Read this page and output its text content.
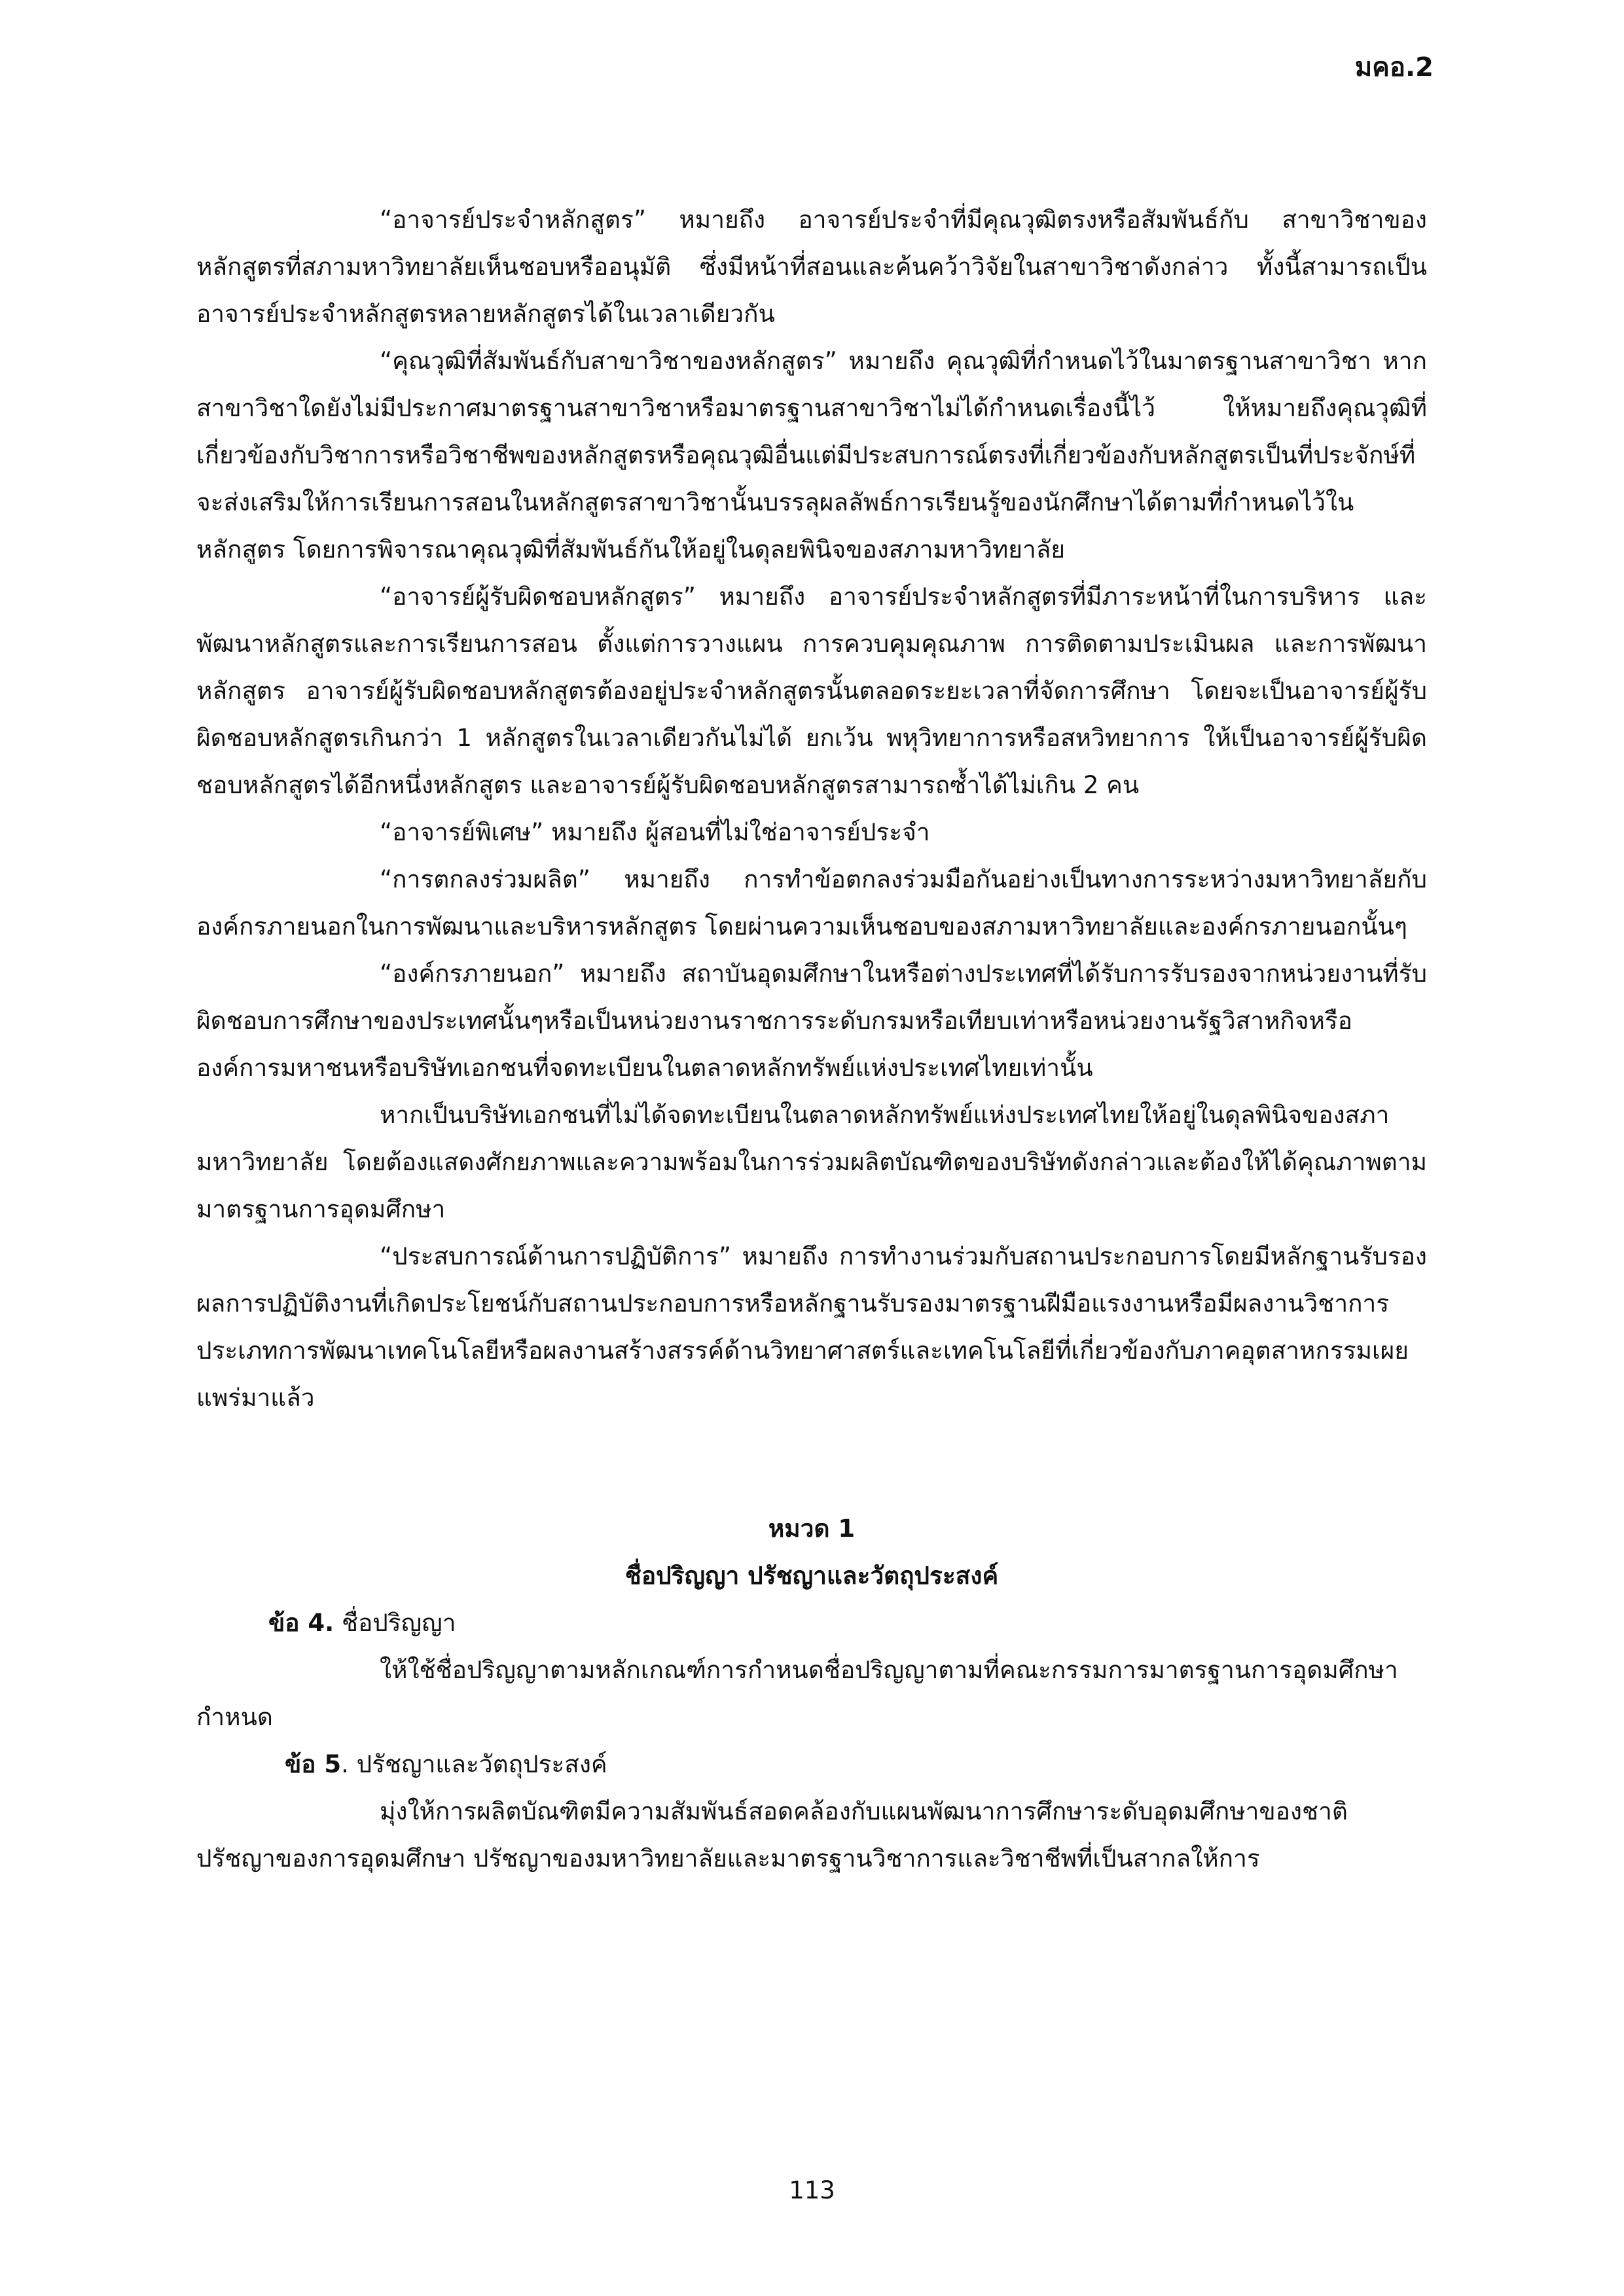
มคอ.2

“อาจารย์ประจำหลักสูตร” หมายถึง อาจารย์ประจำที่มีคุณวุฒิตรงหรือสัมพันธ์กับ สาขาวิชาของหลักสูตรที่สภามหาวิทยาลัยเห็นชอบหรืออนุมัติ ซึ่งมีหน้าที่สอนและค้นคว้าวิจัยในสาขาวิชาดังกล่าว ทั้งนี้สามารถเป็นอาจารย์ประจำหลักสูตรหลายหลักสูตรได้ในเวลาเดียวกัน

“คุณวุฒิที่สัมพันธ์กับสาขาวิชาของหลักสูตร” หมายถึง คุณวุฒิที่กำหนดไว้ในมาตรฐานสาขาวิชา หากสาขาวิชาใดยังไม่มีประกาศมาตรฐานสาขาวิชาหรือมาตรฐานสาขาวิชาไม่ได้กำหนดเรื่องนี้ไว้ ให้หมายถึงคุณวุฒิที่เกี่ยวข้องกับวิชาการหรือวิชาชีพของหลักสูตรหรือคุณวุฒิอื่นแต่มีประสบการณ์ตรงที่เกี่ยวข้องกับหลักสูตรเป็นที่ประจักษ์ที่จะส่งเสริมให้การเรียนการสอนในหลักสูตรสาขาวิชานั้นบรรลุผลลัพธ์การเรียนรู้ของนักศึกษาได้ตามที่กำหนดไว้ในหลักสูตร โดยการพิจารณาคุณวุฒิที่สัมพันธ์กันให้อยู่ในดุลยพินิจของสภามหาวิทยาลัย

“อาจารย์ผู้รับผิดชอบหลักสูตร” หมายถึง อาจารย์ประจำหลักสูตรที่มีภาระหน้าที่ในการบริหาร และพัฒนาหลักสูตรและการเรียนการสอน ตั้งแต่การวางแผน การควบคุมคุณภาพ การติดตามประเมินผล และการพัฒนาหลักสูตร อาจารย์ผู้รับผิดชอบหลักสูตรต้องอยู่ประจำหลักสูตรนั้นตลอดระยะเวลาที่จัดการศึกษา โดยจะเป็นอาจารย์ผู้รับผิดชอบหลักสูตรเกินกว่า 1 หลักสูตรในเวลาเดียวกันไม่ได้ ยกเว้น พหุวิทยาการหรือสหวิทยาการ ให้เป็นอาจารย์ผู้รับผิดชอบหลักสูตรได้อีกหนึ่งหลักสูตร และอาจารย์ผู้รับผิดชอบหลักสูตรสามารถซ้ำได้ไม่เกิน 2 คน

“อาจารย์พิเศษ” หมายถึง ผู้สอนที่ไม่ใช่อาจารย์ประจำ

“การตกลงร่วมผลิต” หมายถึง การทำข้อตกลงร่วมมือกันอย่างเป็นทางการระหว่างมหาวิทยาลัยกับองค์กรภายนอกในการพัฒนาและบริหารหลักสูตร โดยผ่านความเห็นชอบของสภามหาวิทยาลัยและองค์กรภายนอกนั้นๆ

“องค์กรภายนอก” หมายถึง สถาบันอุดมศึกษาในหรือต่างประเทศที่ได้รับการรับรองจากหน่วยงานที่รับผิดชอบการศึกษาของประเทศนั้นๆหรือเป็นหน่วยงานราชการระดับกรมหรือเทียบเท่าหรือหน่วยงานรัฐวิสาหกิจหรือองค์การมหาชนหรือบริษัทเอกชนที่จดทะเบียนในตลาดหลักทรัพย์แห่งประเทศไทยเท่านั้น

หากเป็นบริษัทเอกชนที่ไม่ได้จดทะเบียนในตลาดหลักทรัพย์แห่งประเทศไทยให้อยู่ในดุลพินิจของสภามหาวิทยาลัย โดยต้องแสดงศักยภาพและความพร้อมในการร่วมผลิตบัณฑิตของบริษัทดังกล่าวและต้องให้ได้คุณภาพตามมาตรฐานการอุดมศึกษา

“ประสบการณ์ด้านการปฏิบัติการ” หมายถึง การทำงานร่วมกับสถานประกอบการโดยมีหลักฐานรับรองผลการปฏิบัติงานที่เกิดประโยชน์กับสถานประกอบการหรือหลักฐานรับรองมาตรฐานฝีมือแรงงานหรือมีผลงานวิชาการประเภทการพัฒนาเทคโนโลยีหรือผลงานสร้างสรรค์ด้านวิทยาศาสตร์และเทคโนโลยีที่เกี่ยวข้องกับภาคอุตสาหกรรมเผยแพร่มาแล้ว

หมวด 1
ชื่อปริญญา ปรัชญาและวัตถุประสงค์

ข้อ 4. ชื่อปริญญา

ให้ใช้ชื่อปริญญาตามหลักเกณฑ์การกำหนดชื่อปริญญาตามที่คณะกรรมการมาตรฐานการอุดมศึกษากำหนด

ข้อ 5. ปรัชญาและวัตถุประสงค์

มุ่งให้การผลิตบัณฑิตมีความสัมพันธ์สอดคล้องกับแผนพัฒนาการศึกษาระดับอุดมศึกษาของชาติ ปรัชญาของการอุดมศึกษา ปรัชญาของมหาวิทยาลัยและมาตรฐานวิชาการและวิชาชีพที่เป็นสากลให้การ

113
